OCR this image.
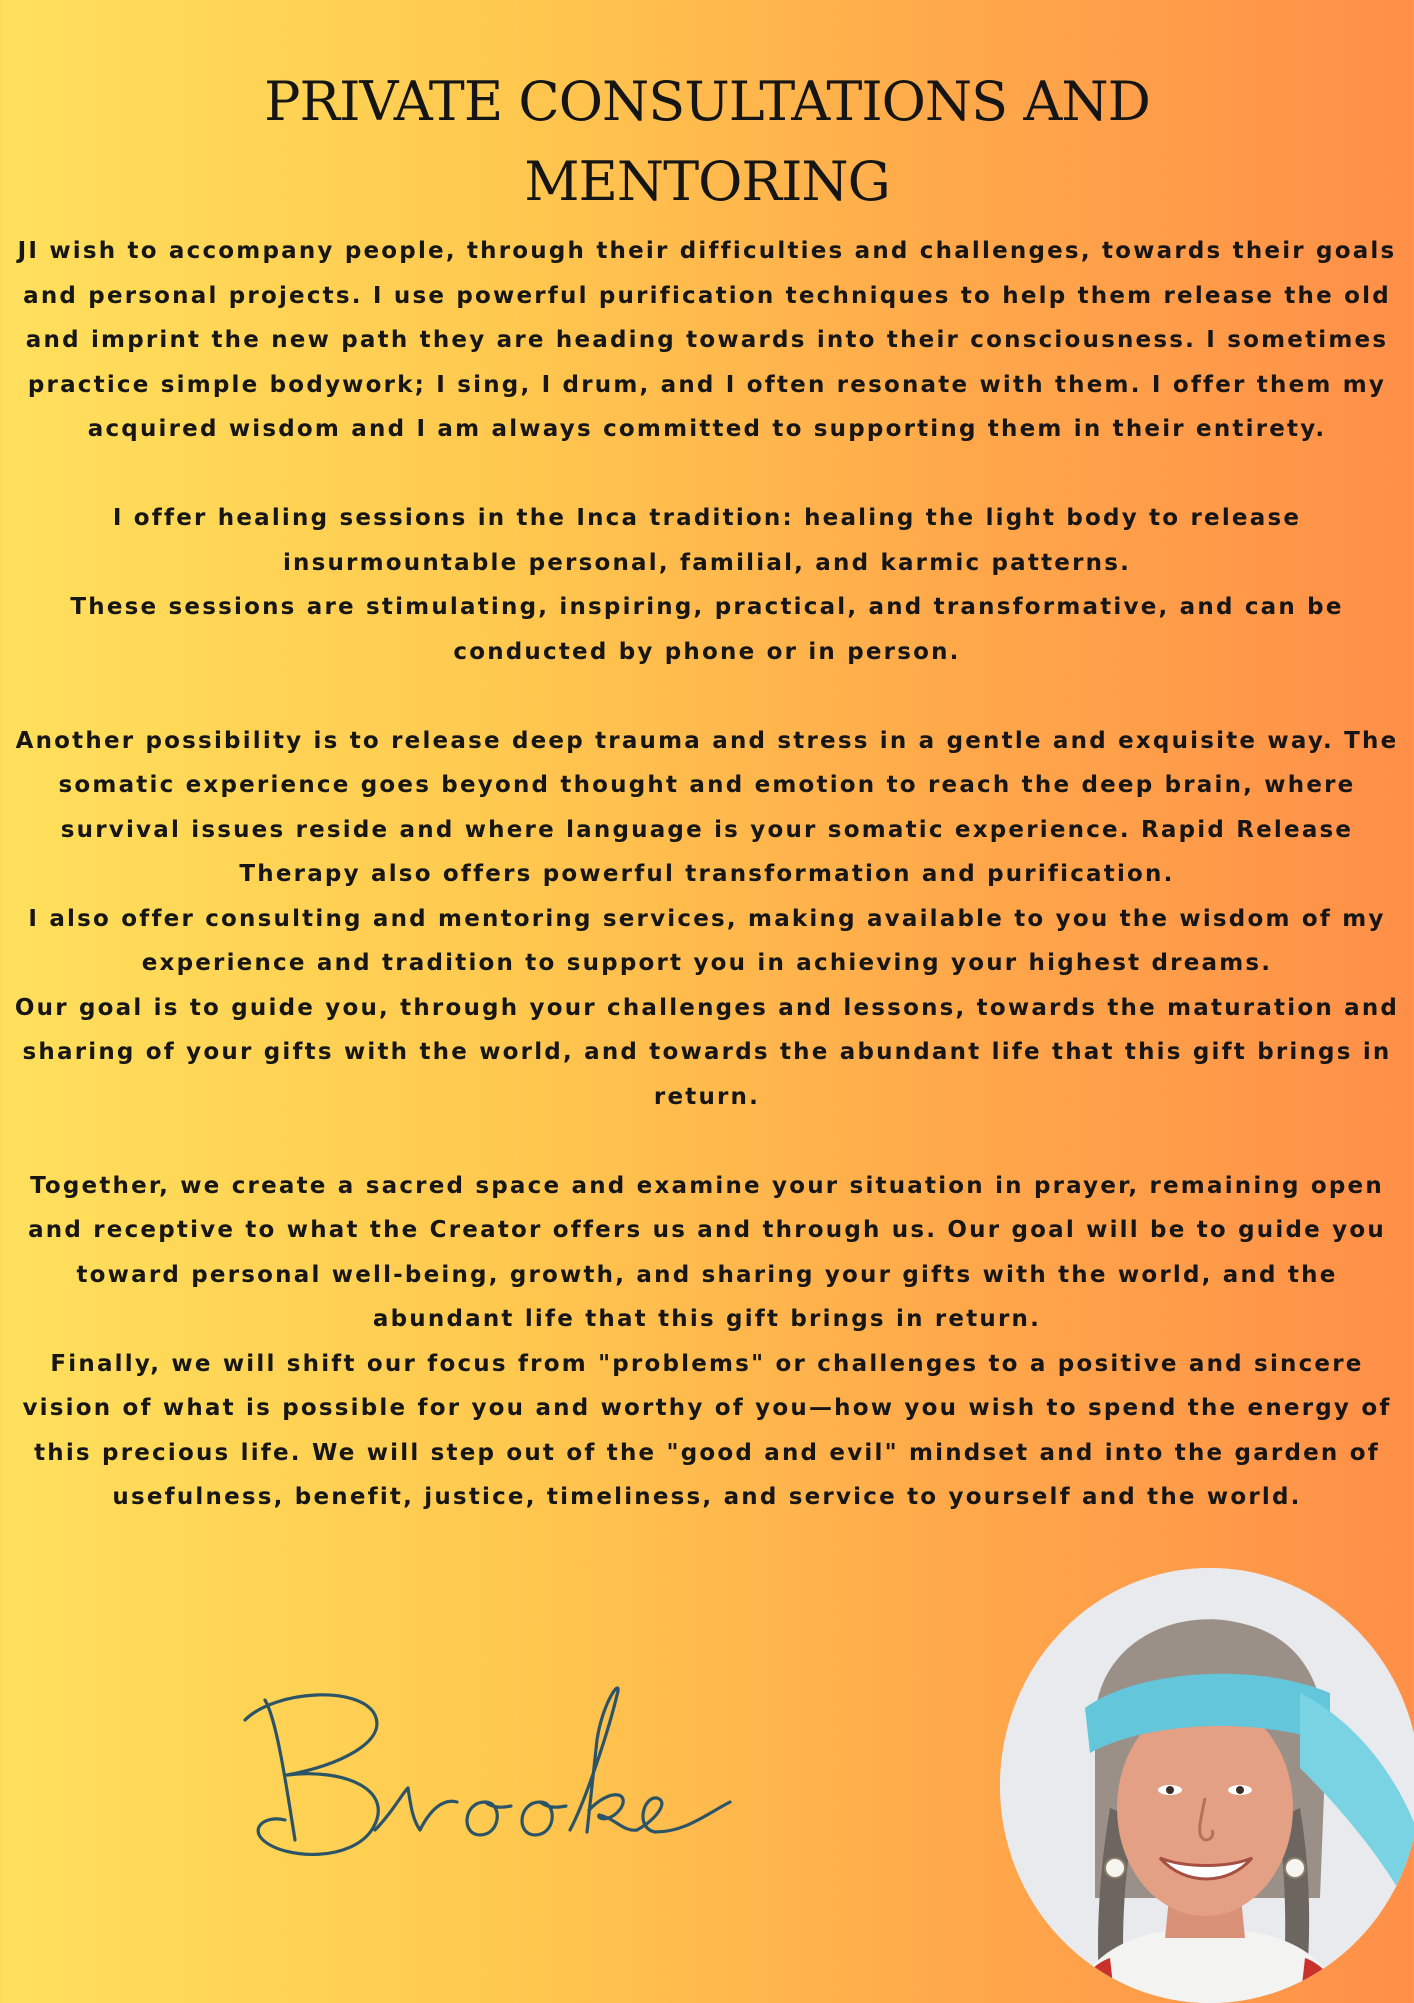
PRIVATE CONSULTATIONS AND
MENTORING

JI wish to accompany people, through their difficulties and challenges, towards their goals and personal projects. I use powerful purification techniques to help them release the old and imprint the new path they are heading towards into their consciousness. I sometimes practice simple bodywork; I sing, I drum, and I often resonate with them. I offer them my acquired wisdom and I am always committed to supporting them in their entirety.

I offer healing sessions in the Inca tradition: healing the light body to release insurmountable personal, familial, and karmic patterns.

These sessions are stimulating, inspiring, practical, and transformative, and can be conducted by phone or in person.

Another possibility is to release deep trauma and stress in a gentle and exquisite way. The somatic experience goes beyond thought and emotion to reach the deep brain, where survival issues reside and where language is your somatic experience. Rapid Release Therapy also offers powerful transformation and purification.

I also offer consulting and mentoring services, making available to you the wisdom of my experience and tradition to support you in achieving your highest dreams.

Our goal is to guide you, through your challenges and lessons, towards the maturation and sharing of your gifts with the world, and towards the abundant life that this gift brings in return.

Together, we create a sacred space and examine your situation in prayer, remaining open and receptive to what the Creator offers us and through us. Our goal will be to guide you toward personal well-being, growth, and sharing your gifts with the world, and the abundant life that this gift brings in return.

Finally, we will shift our focus from "problems" or challenges to a positive and sincere vision of what is possible for you and worthy of you—how you wish to spend the energy of this precious life. We will step out of the "good and evil" mindset and into the garden of usefulness, benefit, justice, timeliness, and service to yourself and the world.
